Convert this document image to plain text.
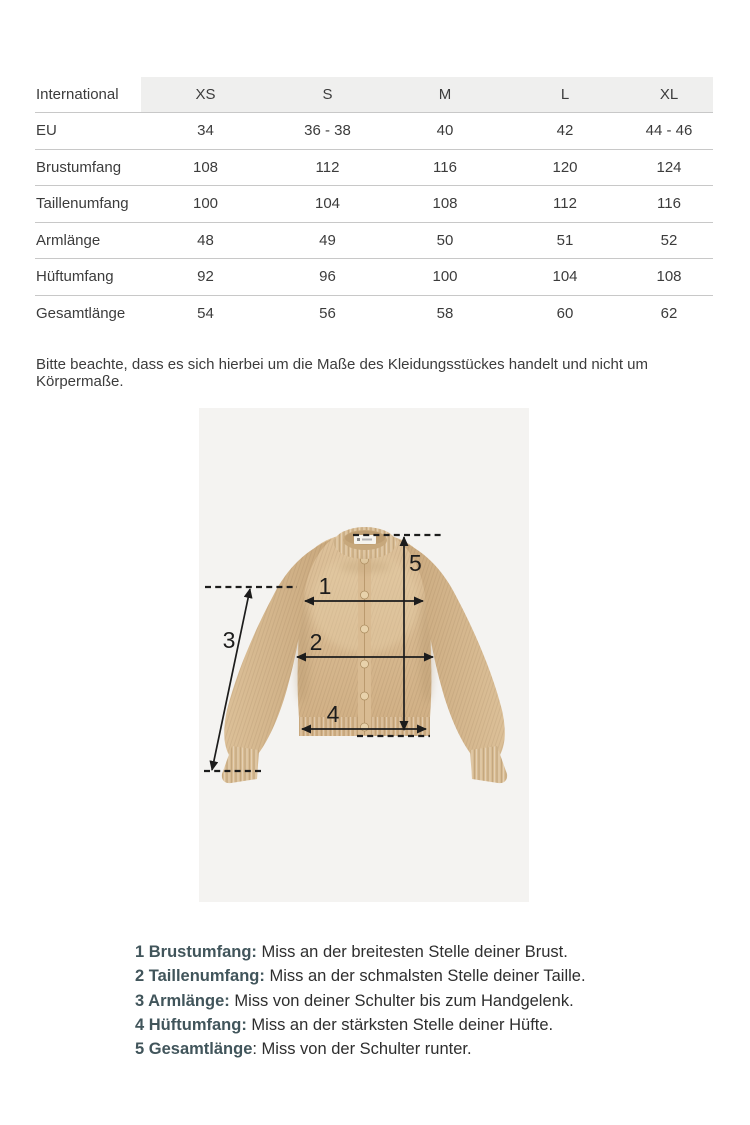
International	XS	S	M	L	XL
EU	34	36 - 38	40	42	44 - 46
Brustumfang	108	112	116	120	124
Taillenumfang	100	104	108	112	116
Armlänge	48	49	50	51	52
Hüftumfang	92	96	100	104	108
Gesamtlänge	54	56	58	60	62
Bitte beachte, dass es sich hierbei um die Maße des Kleidungsstückes handelt und nicht um Körpermaße.
1
2
3
4
5
1 Brustumfang: Miss an der breitesten Stelle deiner Brust.
2 Taillenumfang: Miss an der schmalsten Stelle deiner Taille.
3 Armlänge: Miss von deiner Schulter bis zum Handgelenk.
4 Hüftumfang: Miss an der stärksten Stelle deiner Hüfte.
5 Gesamtlänge: Miss von der Schulter runter.
